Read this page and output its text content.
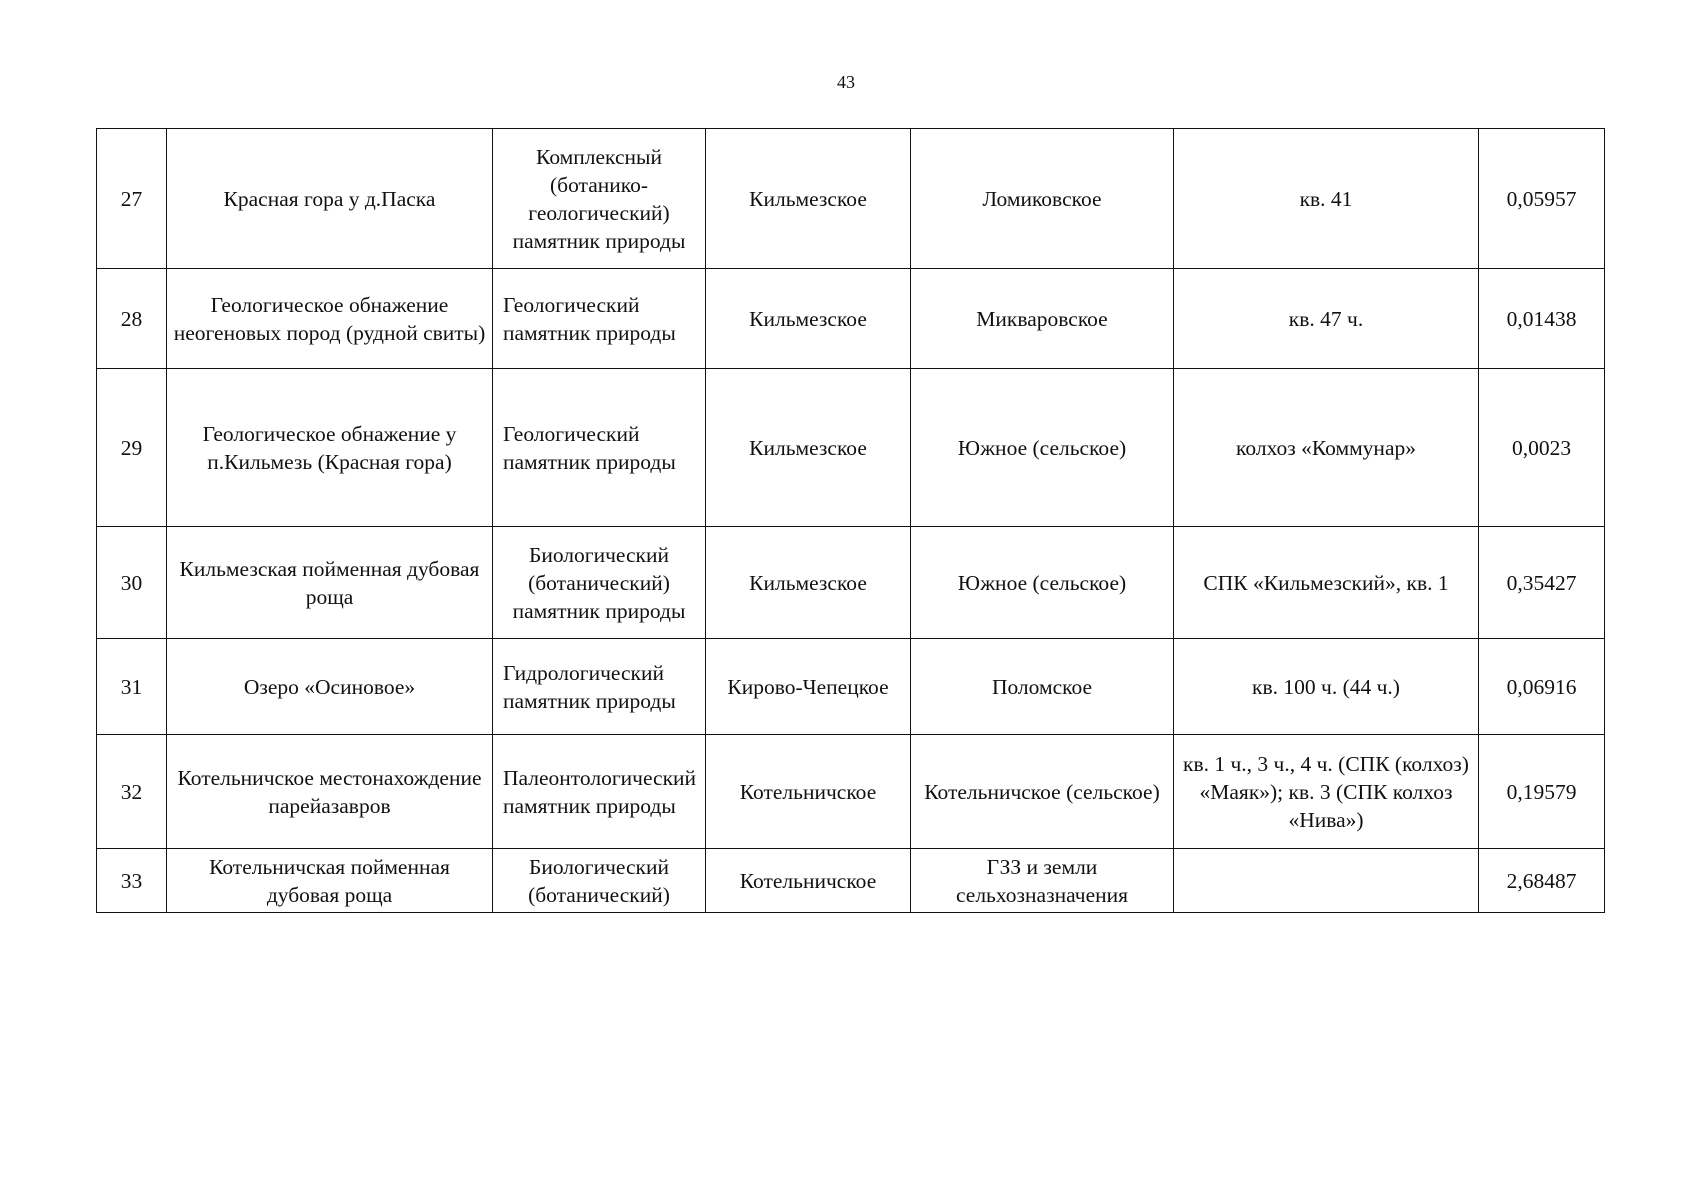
43
27	Красная гора у д.Паска	Комплексный (ботанико-геологический) памятник природы	Кильмезское	Ломиковское	кв. 41	0,05957
28	Геологическое обнажение неогеновых пород (рудной свиты)	Геологический памятник природы	Кильмезское	Микваровское	кв. 47 ч.	0,01438
29	Геологическое обнажение у п.Кильмезь (Красная гора)	Геологический памятник природы	Кильмезское	Южное (сельское)	колхоз «Коммунар»	0,0023
30	Кильмезская пойменная дубовая роща	Биологический (ботанический) памятник природы	Кильмезское	Южное (сельское)	СПК «Кильмезский», кв. 1	0,35427
31	Озеро «Осиновое»	Гидрологический памятник природы	Кирово-Чепецкое	Поломское	кв. 100 ч. (44 ч.)	0,06916
32	Котельничское местонахождение парейазавров	Палеонтологический памятник природы	Котельничское	Котельничское (сельское)	кв. 1 ч., 3 ч., 4 ч. (СПК (колхоз) «Маяк»); кв. 3 (СПК колхоз «Нива»)	0,19579
33	Котельничская пойменная дубовая роща	Биологический (ботанический)	Котельничское	ГЗЗ и земли сельхозназначения		2,68487
